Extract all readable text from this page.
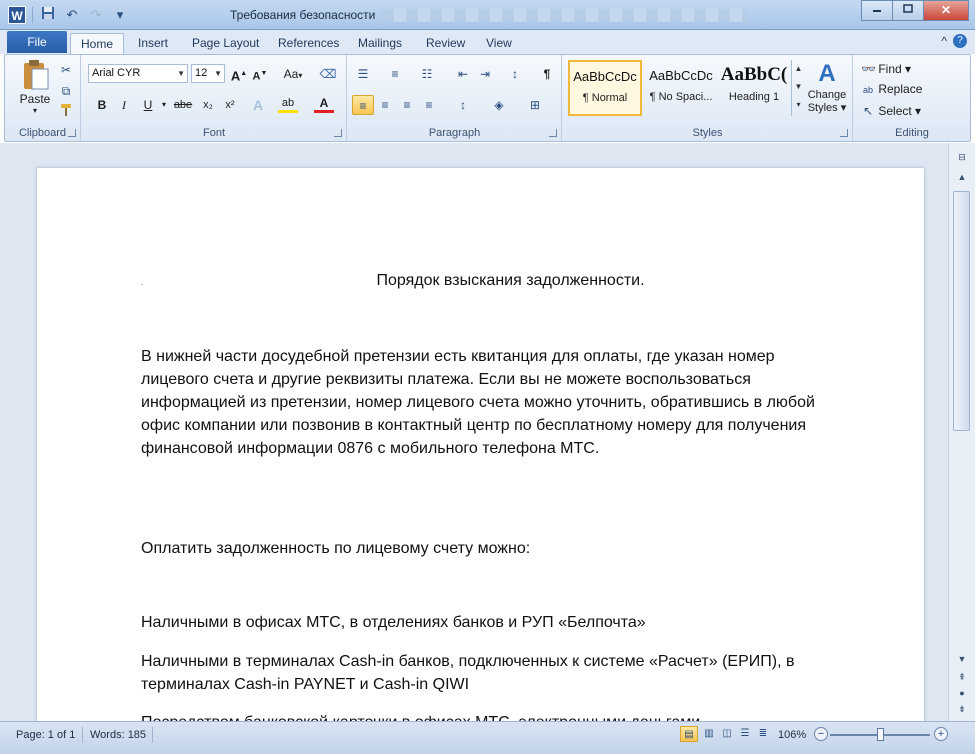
W	↶ ↷	▾	Требования безопасности	✕
File	Home	Insert	Page Layout	References	Mailings	Review	View	^	?
Paste
▾
✂
⧉
Clipboard
Arial CYR	▼ 12 ▼ A▲ A▼	Aa▾	⌫
B	I	U	▾ abe x₂	x²	A	ab	A
Font
☰	≡	☷	⇤ ⇥	↕	¶
≡	≡	≡	≡	↕	◈	⊞
Paragraph	Styles
AaBbCcDc
¶ Normal
AaBbCcDc
¶ No Spaci...
AaBbC(
Heading 1
▲
▼
▾
A
Change
Styles ▾
Editing
👓 Find ▾
ab Replace
↖ Select ▾
.	Порядок взыскания задолженности.
В нижней части досудебной претензии есть квитанция для оплаты, где указан номер лицевого счета и другие реквизиты платежа. Если вы не можете воспользоваться информацией из претензии, номер лицевого счета можно уточнить, обратившись в любой офис компании или позвонив в контактный центр по бесплатному номеру для получения финансовой информации 0876 с мобильного телефона МТС.
Оплатить задолженность по лицевому счету можно:
Наличными в офисах МТС, в отделениях банков и РУП «Белпочта»
Наличными в терминалах Cash-in банков, подключенных к системе «Расчет» (ЕРИП), в терминалах Cash-in PAYNET и Cash-in QIWI
⊟
▲
▼
⇞
●
⇟
Page: 1 of 1 Words: 185	▤	▥ ◫ ☰ ≣ 106%	−	+
